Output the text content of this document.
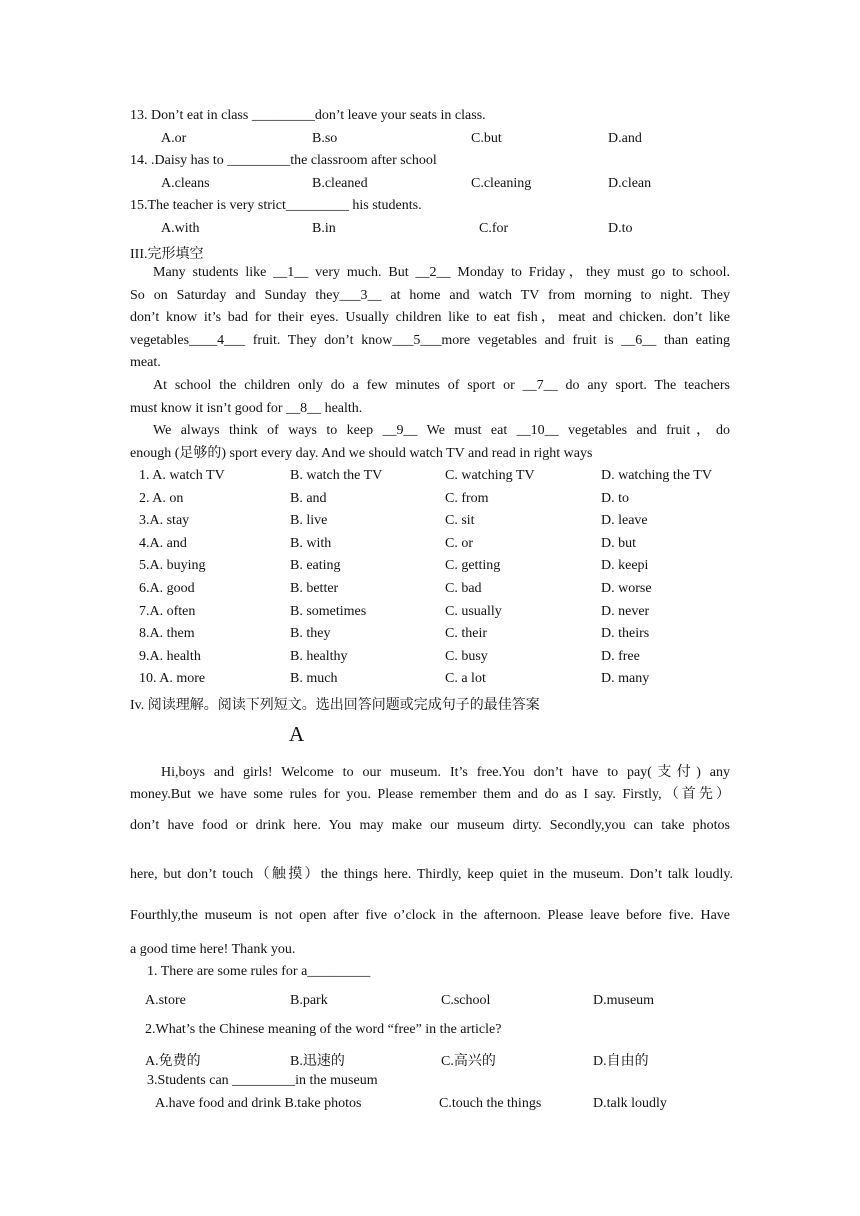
13. Don’t eat in class _________don’t leave your seats in class.
A.or	B.so	C.but	D.and
14. .Daisy has to _________the classroom after school
A.cleans	B.cleaned	C.cleaning	D.clean
15.The teacher is very strict_________ his students.
A.with	B.in	C.for	D.to
III.完形填空
Many students like __1__ very much. But __2__ Monday to Friday，they must go to school.
So on Saturday and Sunday they___3__ at home and watch TV from morning to night. They
don’t know it’s bad for their eyes. Usually children like to eat fish，meat and chicken. don’t like
vegetables____4___ fruit. They don’t know___5___more vegetables and fruit is __6__ than eating
meat.
At school the children only do a few minutes of sport or __7__ do any sport. The teachers
must know it isn’t good for __8__ health.
We always think of ways to keep __9__ We must eat __10__ vegetables and fruit，do
enough (足够的) sport every day. And we should watch TV and read in right ways
1. A. watch TV	B. watch the TV	C. watching TV	D. watching the TV
2. A. on	B. and	C. from	D. to
3.A. stay	B. live	C. sit	D. leave
4.A. and	B. with	C. or	D. but
5.A. buying	B. eating	C. getting	D. keepi
6.A. good	B. better	C. bad	D. worse
7.A. often	B. sometimes	C. usually	D. never
8.A. them	B. they	C. their	D. theirs
9.A. health	B. healthy	C. busy	D. free
10. A. more	B. much	C. a lot	D. many
Iv. 阅读理解。阅读下列短文。选出回答问题或完成句子的最佳答案
A
Hi,boys and girls! Welcome to our museum. It’s free.You don’t have to pay(支付) any
money.But we have some rules for you. Please remember them and do as I say. Firstly,（首先）
don’t have food or drink here. You may make our museum dirty. Secondly,you can take photos
here, but don’t touch（触摸）the things here. Thirdly, keep quiet in the museum. Don’t talk loudly.
Fourthly,the museum is not open after five o’clock in the afternoon. Please leave before five. Have
a good time here! Thank you.
1. There are some rules for a_________
A.store	B.park	C.school	D.museum
2.What’s the Chinese meaning of the word “free” in the article?
A.免费的	B.迅速的	C.高兴的	D.自由的
3.Students can _________in the museum
A.have food and drink B.take photos	C.touch the things	D.talk loudly
